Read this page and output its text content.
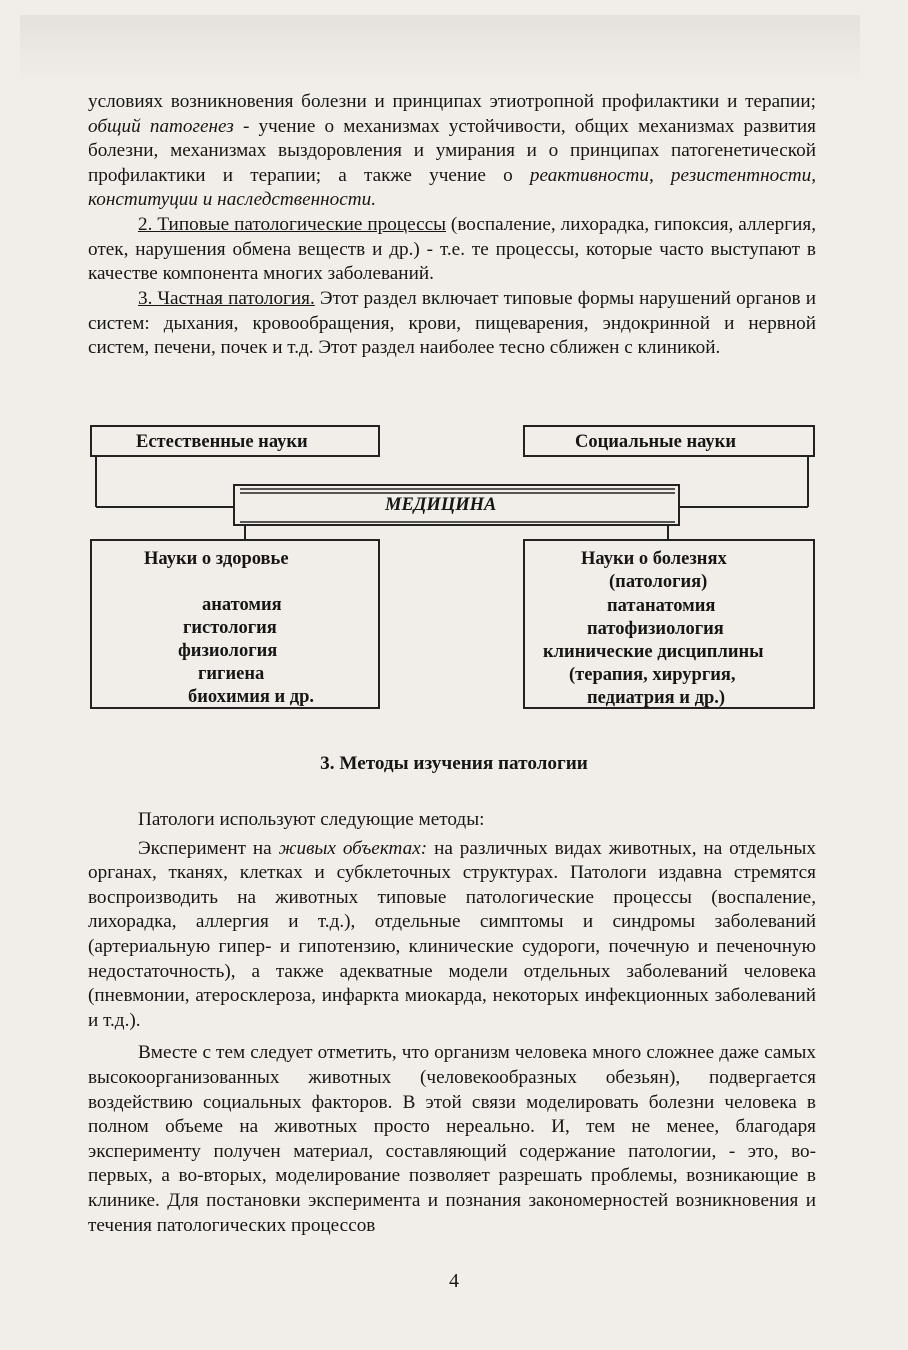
условиях возникновения болезни и принципах этиотропной профилактики и терапии; общий патогенез - учение о механизмах устойчивости, общих механизмах развития болезни, механизмах выздоровления и умирания и о принципах патогенетической профилактики и терапии; а также учение о реактивности, резистентности, конституции и наследственности.

2. Типовые патологические процессы (воспаление, лихорадка, гипоксия, аллергия, отек, нарушения обмена веществ и др.) - т.е. те процессы, которые часто выступают в качестве компонента многих заболеваний.

3. Частная патология. Этот раздел включает типовые формы нарушений органов и систем: дыхания, кровообращения, крови, пищеварения, эндокринной и нервной систем, печени, почек и т.д. Этот раздел наиболее тесно сближен с клиникой.

Естественные науки	Социальные науки
МЕДИЦИНА
Науки о здоровье
анатомия
гистология
физиология
гигиена
биохимия и др.
Науки о болезнях
(патология)
патанатомия
патофизиология
клинические дисциплины
(терапия, хирургия,
педиатрия и др.)
3. Методы изучения патологии

Патологи используют следующие методы:

Эксперимент на живых объектах: на различных видах животных, на отдельных органах, тканях, клетках и субклеточных структурах. Патологи издавна стремятся воспроизводить на животных типовые патологические процессы (воспаление, лихорадка, аллергия и т.д.), отдельные симптомы и синдромы заболеваний (артериальную гипер- и гипотензию, клинические судороги, почечную и печеночную недостаточность), а также адекватные модели отдельных заболеваний человека (пневмонии, атеросклероза, инфаркта миокарда, некоторых инфекционных заболеваний и т.д.).

Вместе с тем следует отметить, что организм человека много сложнее даже самых высокоорганизованных животных (человекообразных обезьян), подвергается воздействию социальных факторов. В этой связи моделировать болезни человека в полном объеме на животных просто нереально. И, тем не менее, благодаря эксперименту получен материал, составляющий содержание патологии, - это, во-первых, а во-вторых, моделирование позволяет разрешать проблемы, возникающие в клинике. Для постановки эксперимента и познания закономерностей возникновения и течения патологических процессов

4
